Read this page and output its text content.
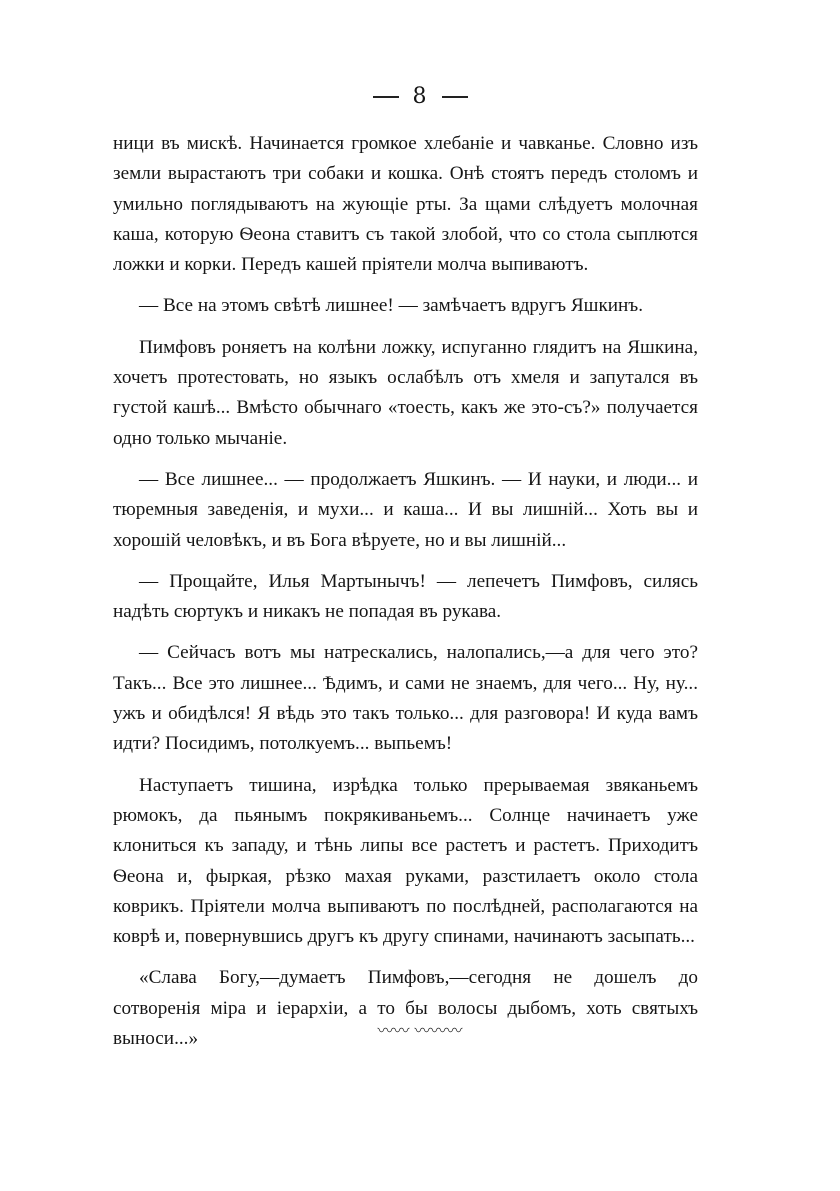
8

ници въ мискѣ. Начинается громкое хлебаніе и чавканье. Словно изъ земли вырастаютъ три собаки и кошка. Онѣ стоятъ передъ столомъ и умильно поглядываютъ на жующіе рты. За щами слѣдуетъ молочная каша, которую Ѳеона ставитъ съ такой злобой, что со стола сыплются ложки и корки. Передъ кашей пріятели молча выпиваютъ.

— Все на этомъ свѣтѣ лишнее! — замѣчаетъ вдругъ Яшкинъ.

Пимфовъ роняетъ на колѣни ложку, испуганно глядитъ на Яшкина, хочетъ протестовать, но языкъ ослабѣлъ отъ хмеля и запутался въ густой кашѣ... Вмѣсто обычнаго «тоесть, какъ же это-съ?» получается одно только мычаніе.

— Все лишнее... — продолжаетъ Яшкинъ. — И науки, и люди... и тюремныя заведенія, и мухи... и каша... И вы лишній... Хоть вы и хорошій человѣкъ, и въ Бога вѣруете, но и вы лишній...

— Прощайте, Илья Мартынычъ! — лепечетъ Пимфовъ, силясь надѣть сюртукъ и никакъ не попадая въ рукава.

— Сейчасъ вотъ мы натрескались, налопались,—а для чего это? Такъ... Все это лишнее... Ѣдимъ, и сами не знаемъ, для чего... Ну, ну... ужъ и обидѣлся! Я вѣдь это такъ только... для разговора! И куда вамъ идти? Посидимъ, потолкуемъ... выпьемъ!

Наступаетъ тишина, изрѣдка только прерываемая звяканьемъ рюмокъ, да пьянымъ покрякиваньемъ... Солнце начинаетъ уже клониться къ западу, и тѣнь липы все растетъ и растетъ. Приходитъ Ѳеона и, фыркая, рѣзко махая руками, разстилаетъ около стола коврикъ. Пріятели молча выпиваютъ по послѣдней, располагаются на коврѣ и, повернувшись другъ къ другу спинами, начинаютъ засыпать...

«Слава Богу,—думаетъ Пимфовъ,—сегодня не дошелъ до сотворенія міра и іерархіи, а то бы волосы дыбомъ, хоть святыхъ выноси...»	〰〰 〰〰〰
